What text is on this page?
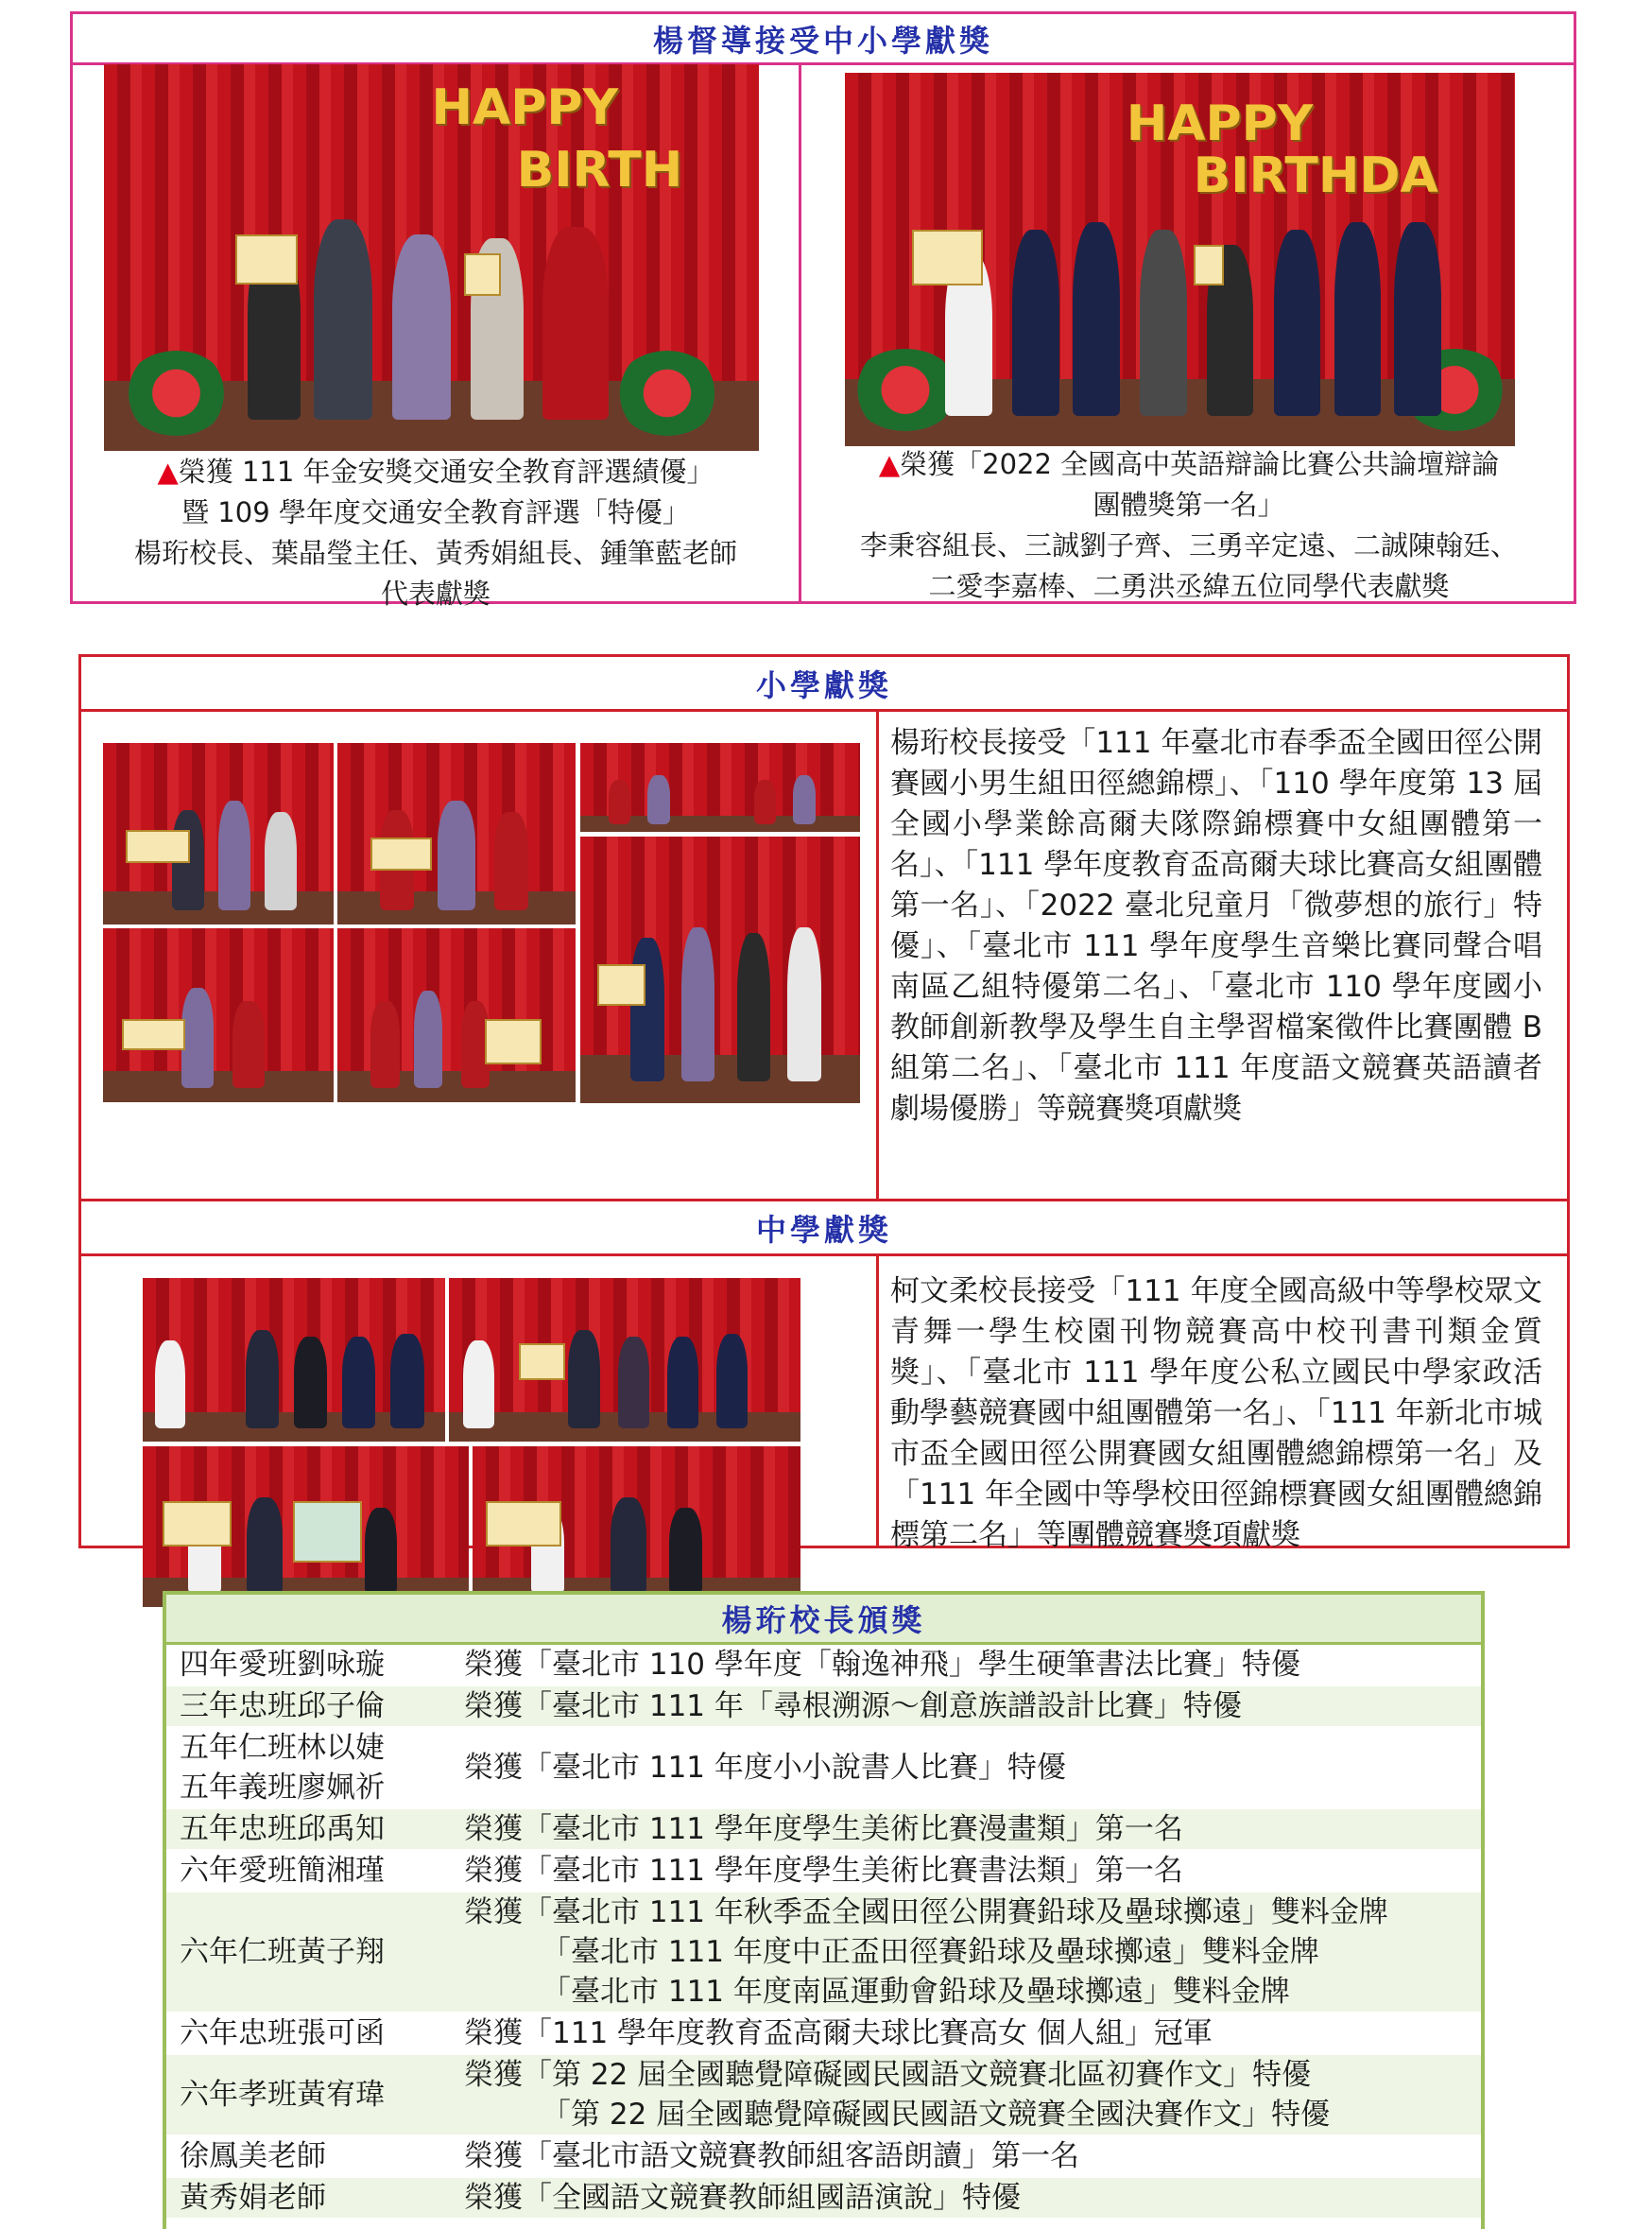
楊督導接受中小學獻獎
HAPPY
BIRTH
▲榮獲 111 年金安獎交通安全教育評選績優」
暨 109 學年度交通安全教育評選「特優」
楊珩校長、葉晶瑩主任、黃秀娟組長、鍾筆藍老師
代表獻獎
HAPPY
BIRTHDA
▲榮獲「2022 全國高中英語辯論比賽公共論壇辯論
團體獎第一名」
李秉容組長、三誠劉子齊、三勇辛定遠、二誠陳翰廷、
二愛李嘉棒、二勇洪丞緯五位同學代表獻獎
小學獻獎
楊珩校長接受「111 年臺北市春季盃全國田徑公開賽國小男生組田徑總錦標」、「110 學年度第 13 屆全國小學業餘高爾夫隊際錦標賽中女組團體第一名」、「111 學年度教育盃高爾夫球比賽高女組團體第一名」、「2022 臺北兒童月「微夢想的旅行」特優」、「臺北市 111 學年度學生音樂比賽同聲合唱南區乙組特優第二名」、「臺北市 110 學年度國小教師創新教學及學生自主學習檔案徵件比賽團體 B 組第二名」、「臺北市 111 年度語文競賽英語讀者劇場優勝」等競賽獎項獻獎
中學獻獎
柯文柔校長接受「111 年度全國高級中等學校眾文青舞一學生校園刊物競賽高中校刊書刊類金質獎」、「臺北市 111 學年度公私立國民中學家政活動學藝競賽國中組團體第一名」、「111 年新北市城市盃全國田徑公開賽國女組團體總錦標第一名」及「111 年全國中等學校田徑錦標賽國女組團體總錦標第二名」等團體競賽獎項獻獎
楊珩校長頒獎
四年愛班劉咏璇	榮獲「臺北市 110 學年度「翰逸神飛」學生硬筆書法比賽」特優

三年忠班邱子倫	榮獲「臺北市 111 年「尋根溯源～創意族譜設計比賽」特優

五年仁班林以婕
五年義班廖姵祈	榮獲「臺北市 111 年度小小說書人比賽」特優

五年忠班邱禹知	榮獲「臺北市 111 學年度學生美術比賽漫畫類」第一名

六年愛班簡湘瑾	榮獲「臺北市 111 學年度學生美術比賽書法類」第一名

六年仁班黃子翔	榮獲「臺北市 111 年秋季盃全國田徑公開賽鉛球及壘球擲遠」雙料金牌
「臺北市 111 年度中正盃田徑賽鉛球及壘球擲遠」雙料金牌
「臺北市 111 年度南區運動會鉛球及壘球擲遠」雙料金牌

六年忠班張可函	榮獲「111 學年度教育盃高爾夫球比賽高女 個人組」冠軍

六年孝班黃宥瑋	榮獲「第 22 屆全國聽覺障礙國民國語文競賽北區初賽作文」特優
「第 22 屆全國聽覺障礙國民國語文競賽全國決賽作文」特優

徐鳳美老師	榮獲「臺北市語文競賽教師組客語朗讀」第一名

黃秀娟老師	榮獲「全國語文競賽教師組國語演說」特優
